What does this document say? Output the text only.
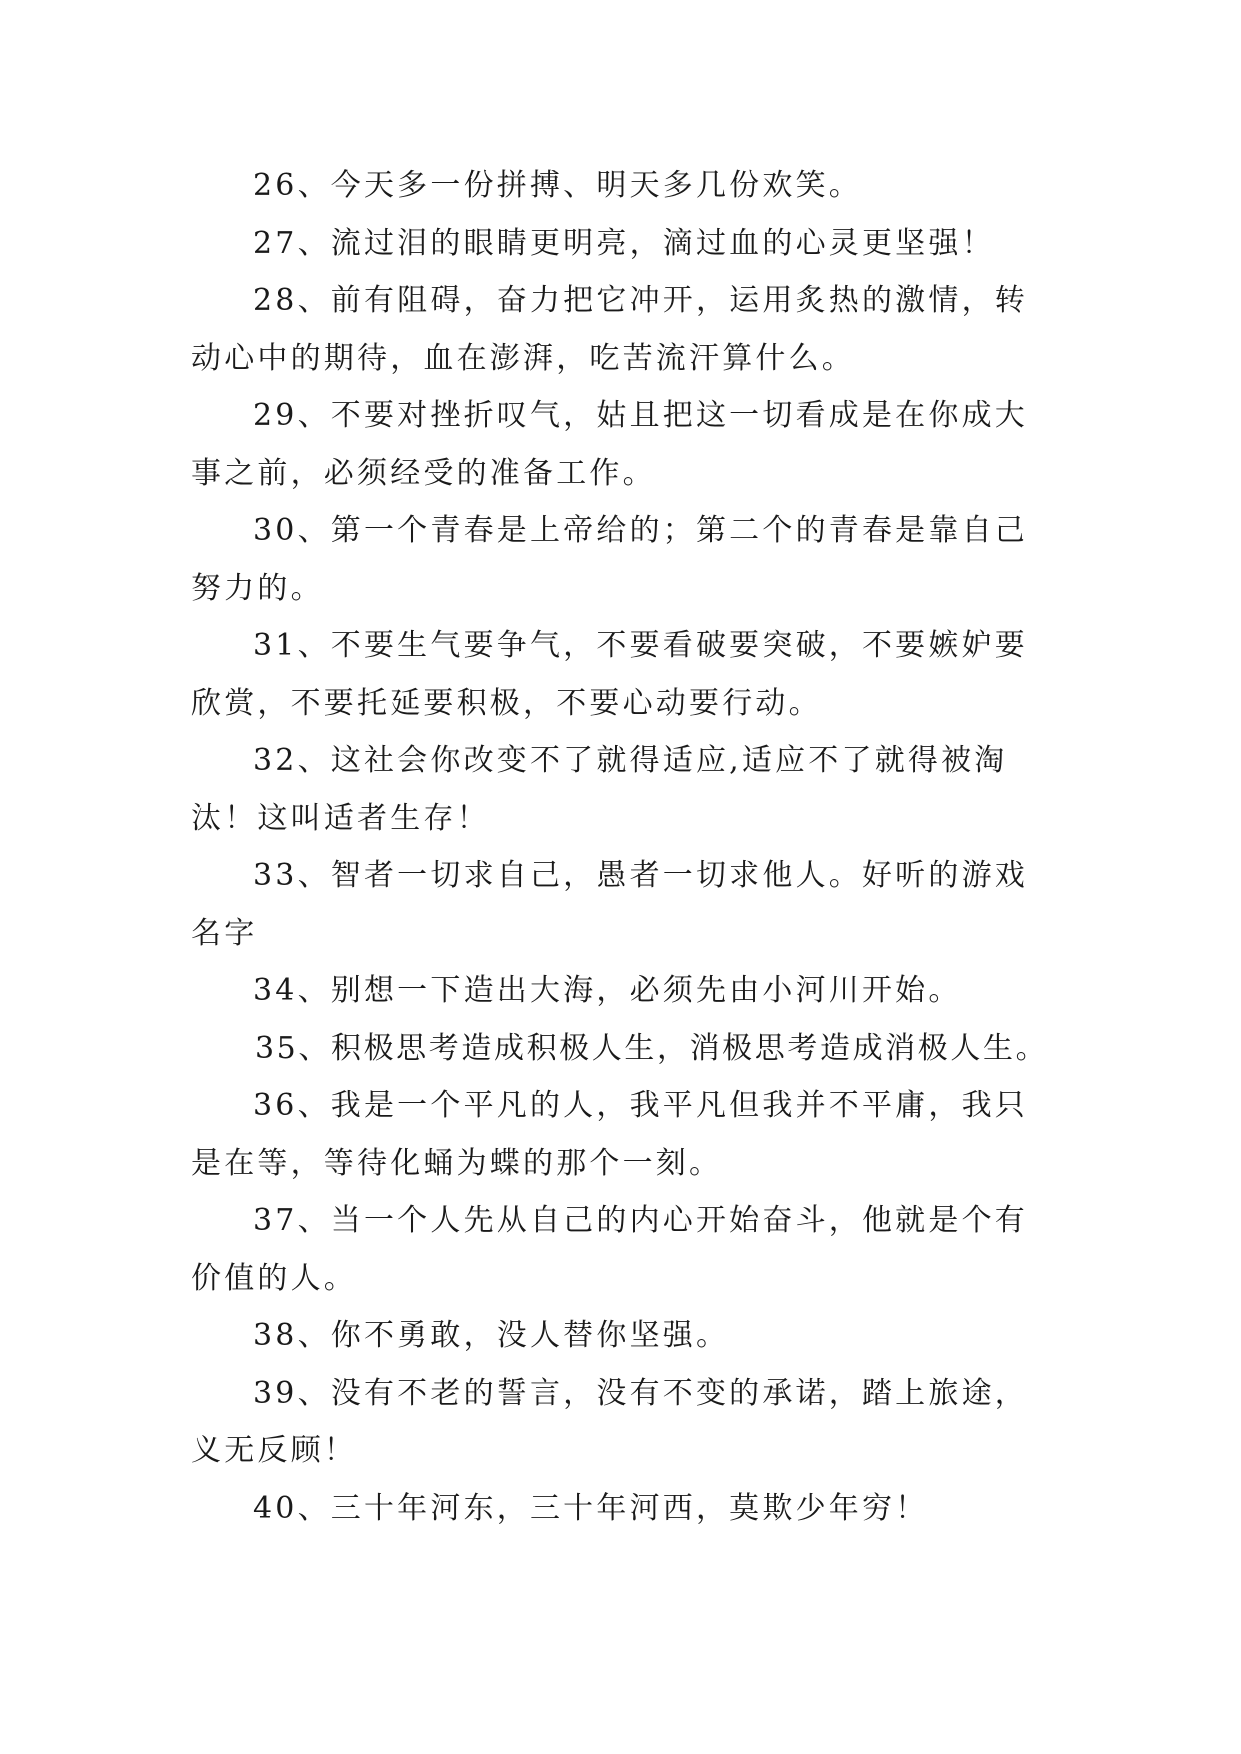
26、今天多一份拼搏、明天多几份欢笑。

27、流过泪的眼睛更明亮，滴过血的心灵更坚强！

28、前有阻碍，奋力把它冲开，运用炙热的激情，转动心中的期待，血在澎湃，吃苦流汗算什么。

29、不要对挫折叹气，姑且把这一切看成是在你成大事之前，必须经受的准备工作。

30、第一个青春是上帝给的；第二个的青春是靠自己努力的。

31、不要生气要争气，不要看破要突破，不要嫉妒要欣赏，不要托延要积极，不要心动要行动。

32、这社会你改变不了就得适应,适应不了就得被淘汰！这叫适者生存！

33、智者一切求自己，愚者一切求他人。好听的游戏名字

34、别想一下造出大海，必须先由小河川开始。

35、积极思考造成积极人生，消极思考造成消极人生。

36、我是一个平凡的人，我平凡但我并不平庸，我只是在等，等待化蛹为蝶的那个一刻。

37、当一个人先从自己的内心开始奋斗，他就是个有价值的人。

38、你不勇敢，没人替你坚强。

39、没有不老的誓言，没有不变的承诺，踏上旅途，义无反顾！

40、三十年河东，三十年河西，莫欺少年穷！
